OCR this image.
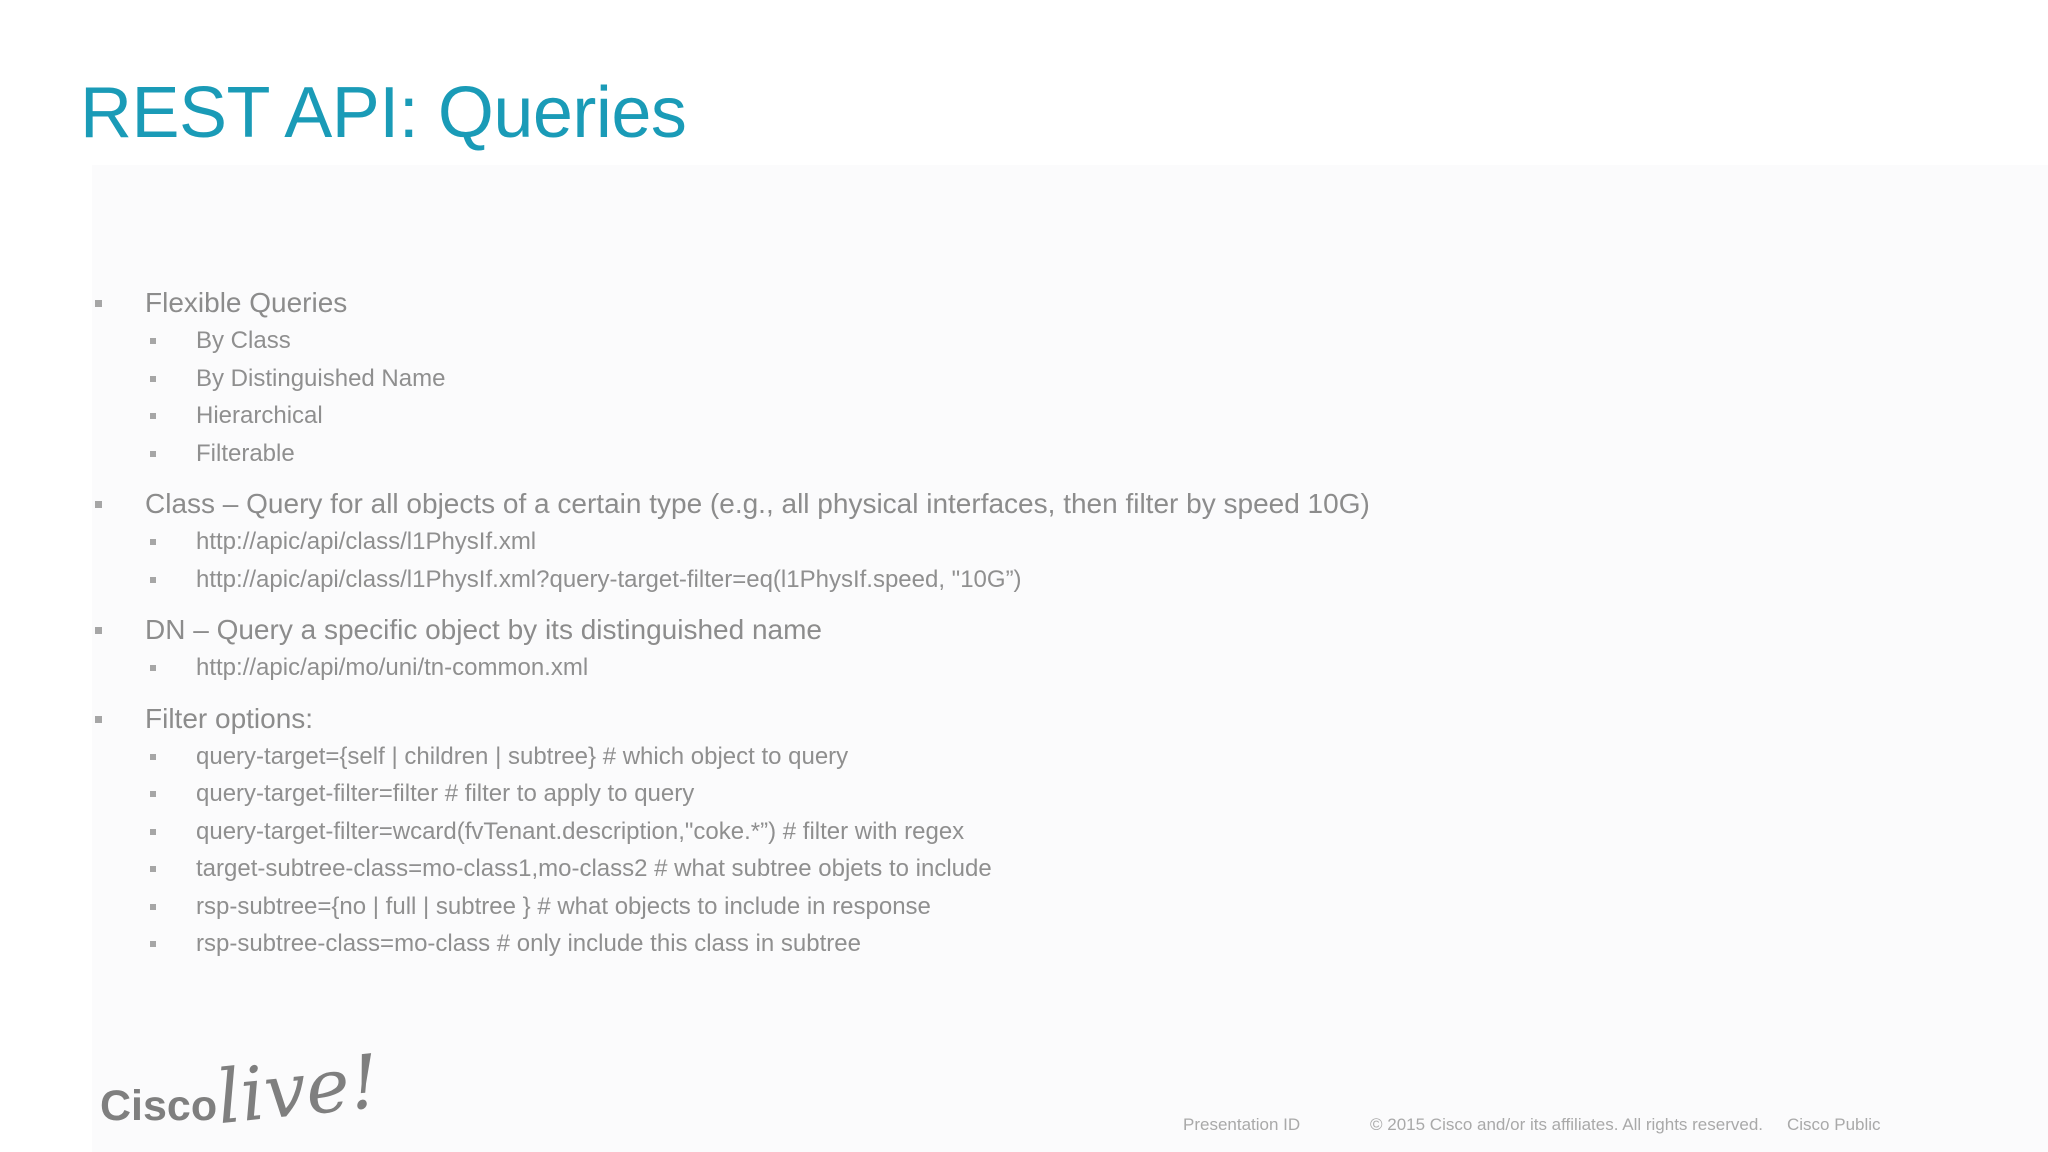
REST API: Queries
Flexible Queries
By Class
By Distinguished Name
Hierarchical
Filterable
Class – Query for all objects of a certain type (e.g., all physical interfaces, then filter by speed 10G)
http://apic/api/class/l1PhysIf.xml
http://apic/api/class/l1PhysIf.xml?query-target-filter=eq(l1PhysIf.speed, "10G”)
DN – Query a specific object by its distinguished name
http://apic/api/mo/uni/tn-common.xml
Filter options:
query-target={self | children | subtree} # which object to query
query-target-filter=filter # filter to apply to query
query-target-filter=wcard(fvTenant.description,"coke.*”) # filter with regex
target-subtree-class=mo-class1,mo-class2 # what subtree objets to include
rsp-subtree={no | full | subtree } # what objects to include in response
rsp-subtree-class=mo-class # only include this class in subtree
Cisco
live!	Presentation ID	© 2015 Cisco and/or its affiliates. All rights reserved. Cisco Public
